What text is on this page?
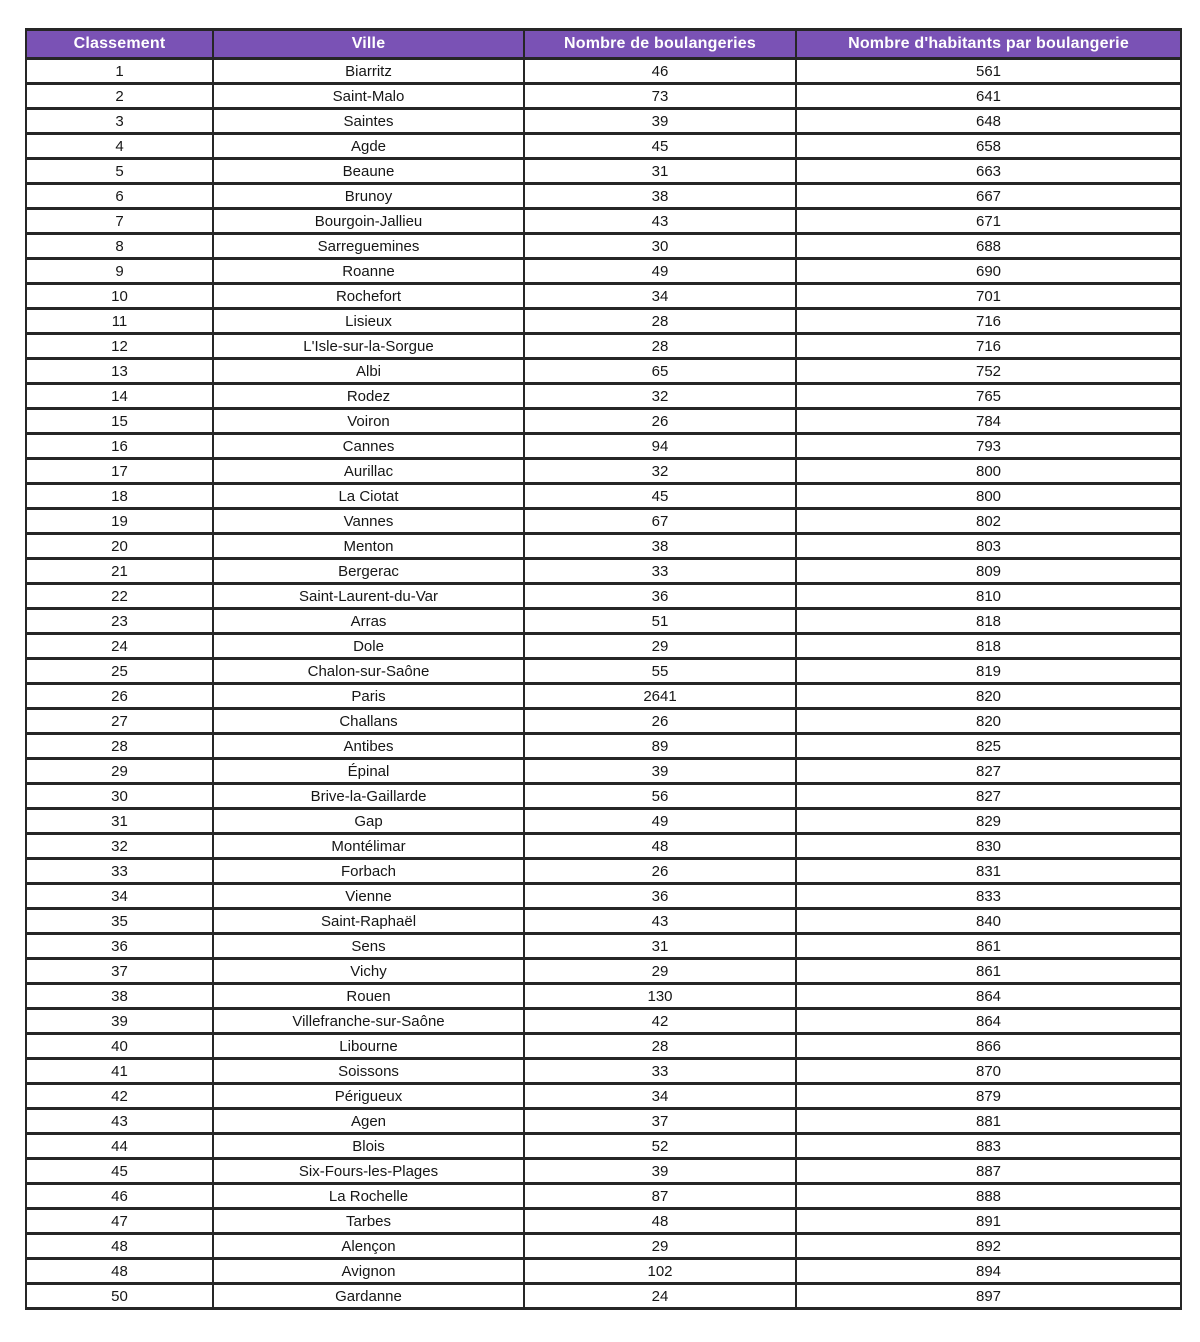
Classement	Ville	Nombre de boulangeries	Nombre d'habitants par boulangerie
1	Biarritz	46	561
2	Saint-Malo	73	641
3	Saintes	39	648
4	Agde	45	658
5	Beaune	31	663
6	Brunoy	38	667
7	Bourgoin-Jallieu	43	671
8	Sarreguemines	30	688
9	Roanne	49	690
10	Rochefort	34	701
11	Lisieux	28	716
12	L'Isle-sur-la-Sorgue	28	716
13	Albi	65	752
14	Rodez	32	765
15	Voiron	26	784
16	Cannes	94	793
17	Aurillac	32	800
18	La Ciotat	45	800
19	Vannes	67	802
20	Menton	38	803
21	Bergerac	33	809
22	Saint-Laurent-du-Var	36	810
23	Arras	51	818
24	Dole	29	818
25	Chalon-sur-Saône	55	819
26	Paris	2641	820
27	Challans	26	820
28	Antibes	89	825
29	Épinal	39	827
30	Brive-la-Gaillarde	56	827
31	Gap	49	829
32	Montélimar	48	830
33	Forbach	26	831
34	Vienne	36	833
35	Saint-Raphaël	43	840
36	Sens	31	861
37	Vichy	29	861
38	Rouen	130	864
39	Villefranche-sur-Saône	42	864
40	Libourne	28	866
41	Soissons	33	870
42	Périgueux	34	879
43	Agen	37	881
44	Blois	52	883
45	Six-Fours-les-Plages	39	887
46	La Rochelle	87	888
47	Tarbes	48	891
48	Alençon	29	892
48	Avignon	102	894
50	Gardanne	24	897
